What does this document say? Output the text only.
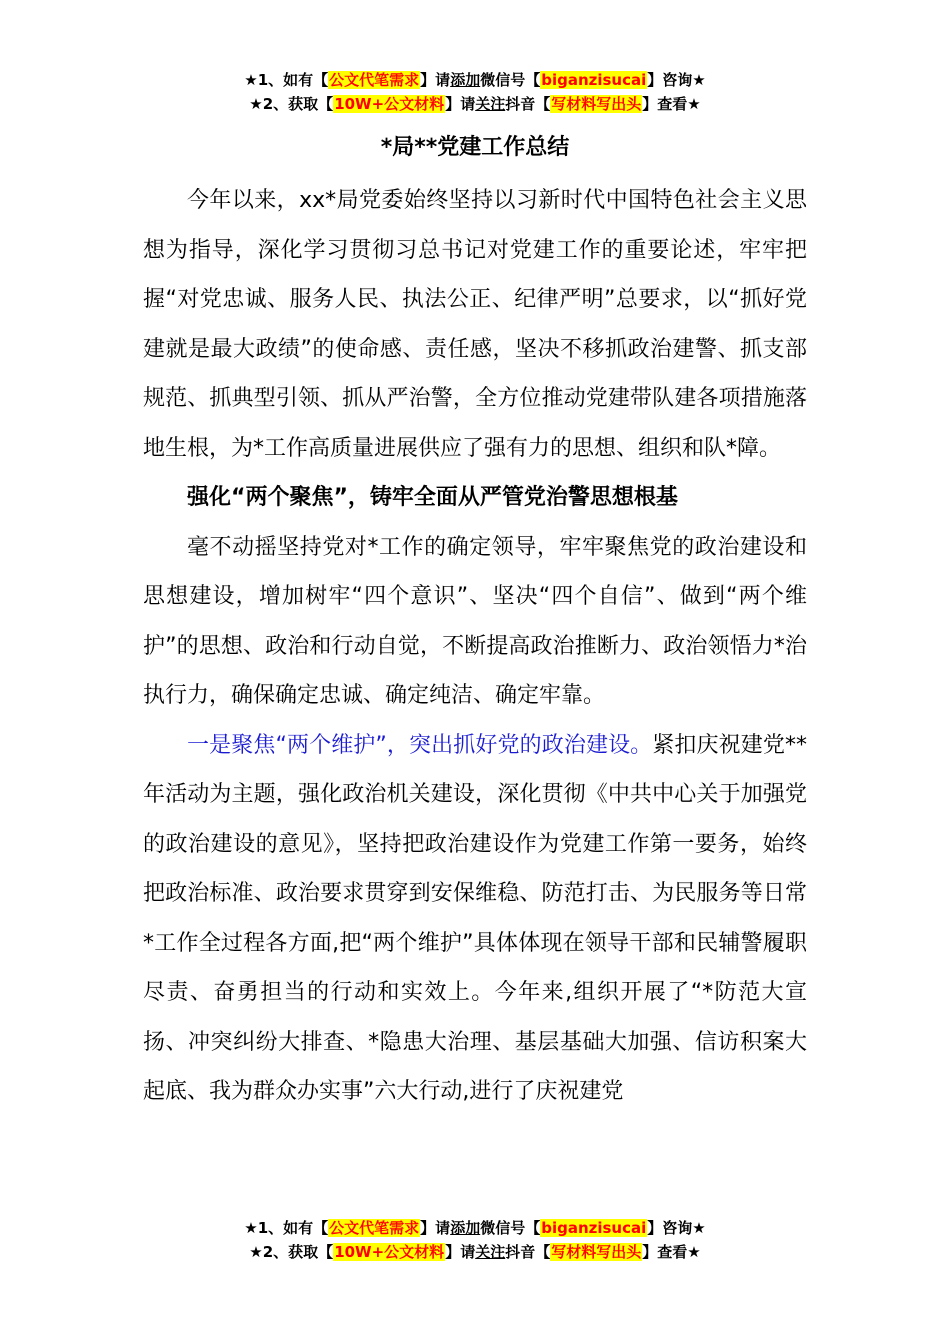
★1、如有【公文代笔需求】请添加微信号【biganzisucai】咨询★
★2、获取【10W+公文材料】请关注抖音【写材料写出头】查看★
*局**党建工作总结

今年以来，xx*局党委始终坚持以习新时代中国特色社会主义思想为指导，深化学习贯彻习总书记对党建工作的重要论述，牢牢把握“对党忠诚、服务人民、执法公正、纪律严明”总要求，以“抓好党建就是最大政绩”的使命感、责任感，坚决不移抓政治建警、抓支部规范、抓典型引领、抓从严治警，全方位推动党建带队建各项措施落地生根，为*工作高质量进展供应了强有力的思想、组织和队*障。

强化“两个聚焦”，铸牢全面从严管党治警思想根基

毫不动摇坚持党对*工作的确定领导，牢牢聚焦党的政治建设和思想建设，增加树牢“四个意识”、坚决“四个自信”、做到“两个维护”的思想、政治和行动自觉，不断提高政治推断力、政治领悟力*治执行力，确保确定忠诚、确定纯洁、确定牢靠。

一是聚焦“两个维护”，突出抓好党的政治建设。紧扣庆祝建党**年活动为主题，强化政治机关建设，深化贯彻《中共中心关于加强党的政治建设的意见》，坚持把政治建设作为党建工作第一要务，始终把政治标准、政治要求贯穿到安保维稳、防范打击、为民服务等日常*工作全过程各方面,把“两个维护”具体体现在领导干部和民辅警履职尽责、奋勇担当的行动和实效上。今年来,组织开展了“*防范大宣扬、冲突纠纷大排查、*隐患大治理、基层基础大加强、信访积案大起底、我为群众办实事”六大行动,进行了庆祝建党

★1、如有【公文代笔需求】请添加微信号【biganzisucai】咨询★
★2、获取【10W+公文材料】请关注抖音【写材料写出头】查看★
